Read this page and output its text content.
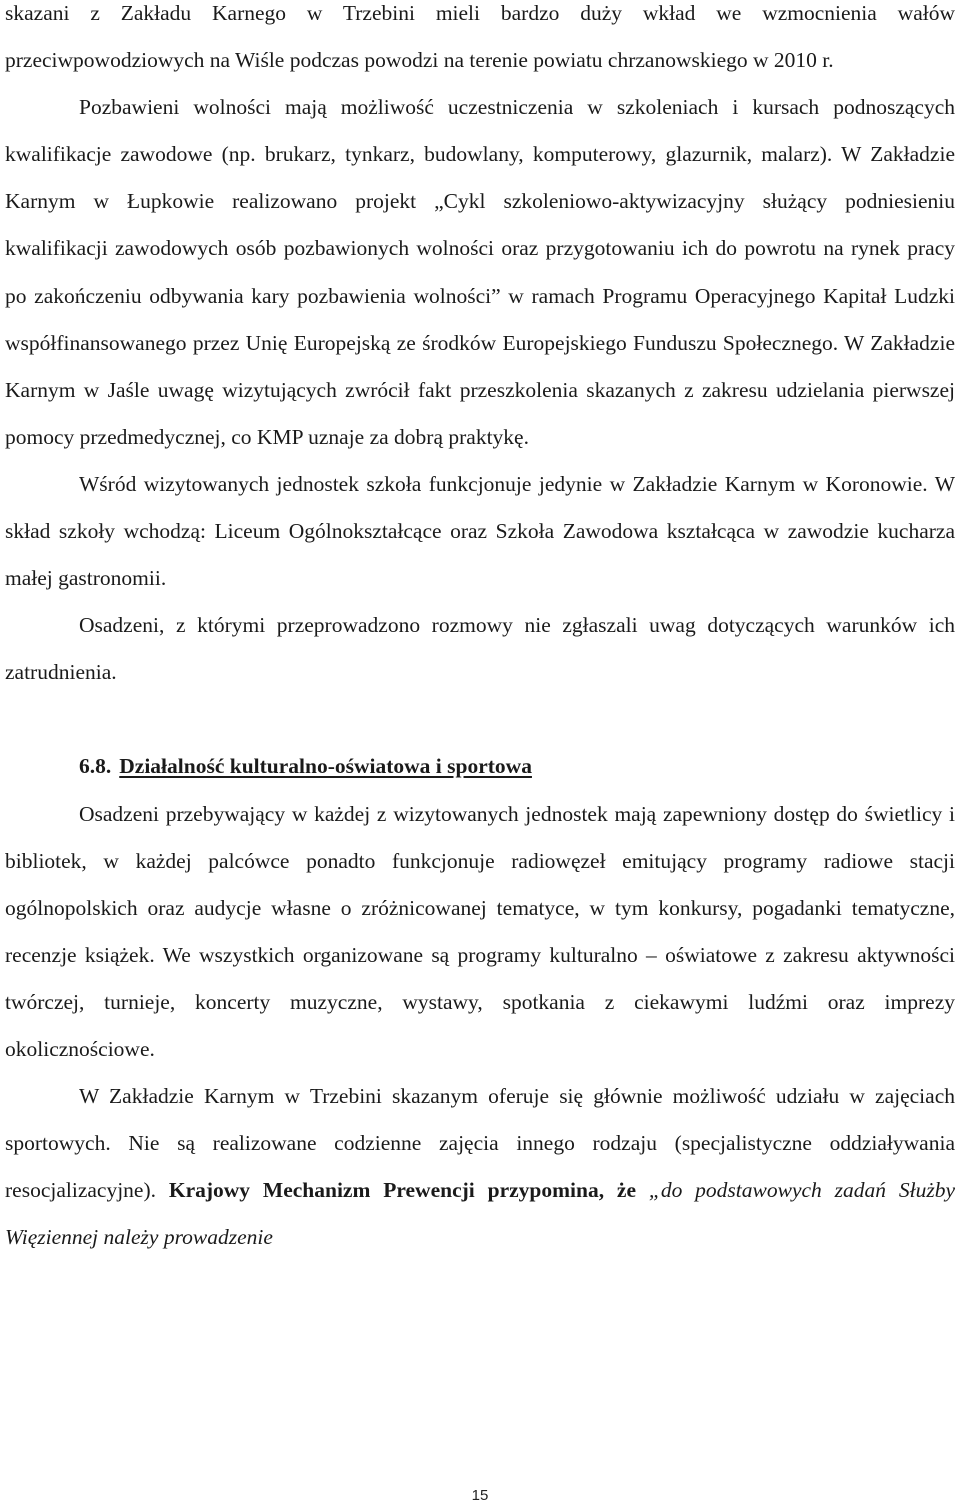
skazani z Zakładu Karnego w Trzebini mieli bardzo duży wkład we wzmocnienia wałów przeciwpowodziowych na Wiśle podczas powodzi na terenie powiatu chrzanowskiego w 2010 r.

Pozbawieni wolności mają możliwość uczestniczenia w szkoleniach i kursach podnoszących kwalifikacje zawodowe (np. brukarz, tynkarz, budowlany, komputerowy, glazurnik, malarz). W Zakładzie Karnym w Łupkowie realizowano projekt „Cykl szkoleniowo-aktywizacyjny służący podniesieniu kwalifikacji zawodowych osób pozbawionych wolności oraz przygotowaniu ich do powrotu na rynek pracy po zakończeniu odbywania kary pozbawienia wolności” w ramach Programu Operacyjnego Kapitał Ludzki współfinansowanego przez Unię Europejską ze środków Europejskiego Funduszu Społecznego. W Zakładzie Karnym w Jaśle uwagę wizytujących zwrócił fakt przeszkolenia skazanych z zakresu udzielania pierwszej pomocy przedmedycznej, co KMP uznaje za dobrą praktykę.

Wśród wizytowanych jednostek szkoła funkcjonuje jedynie w Zakładzie Karnym w Koronowie. W skład szkoły wchodzą: Liceum Ogólnokształcące oraz Szkoła Zawodowa kształcąca w zawodzie kucharza małej gastronomii.

Osadzeni, z którymi przeprowadzono rozmowy nie zgłaszali uwag dotyczących warunków ich zatrudnienia.

6.8. Działalność kulturalno-oświatowa i sportowa

Osadzeni przebywający w każdej z wizytowanych jednostek mają zapewniony dostęp do świetlicy i bibliotek, w każdej palcówce ponadto funkcjonuje radiowęzeł emitujący programy radiowe stacji ogólnopolskich oraz audycje własne o zróżnicowanej tematyce, w tym konkursy, pogadanki tematyczne, recenzje książek. We wszystkich organizowane są programy kulturalno – oświatowe z zakresu aktywności twórczej, turnieje, koncerty muzyczne, wystawy, spotkania z ciekawymi ludźmi oraz imprezy okolicznościowe.

W Zakładzie Karnym w Trzebini skazanym oferuje się głównie możliwość udziału w zajęciach sportowych. Nie są realizowane codzienne zajęcia innego rodzaju (specjalistyczne oddziaływania resocjalizacyjne). Krajowy Mechanizm Prewencji przypomina, że „do podstawowych zadań Służby Więziennej należy prowadzenie

15
